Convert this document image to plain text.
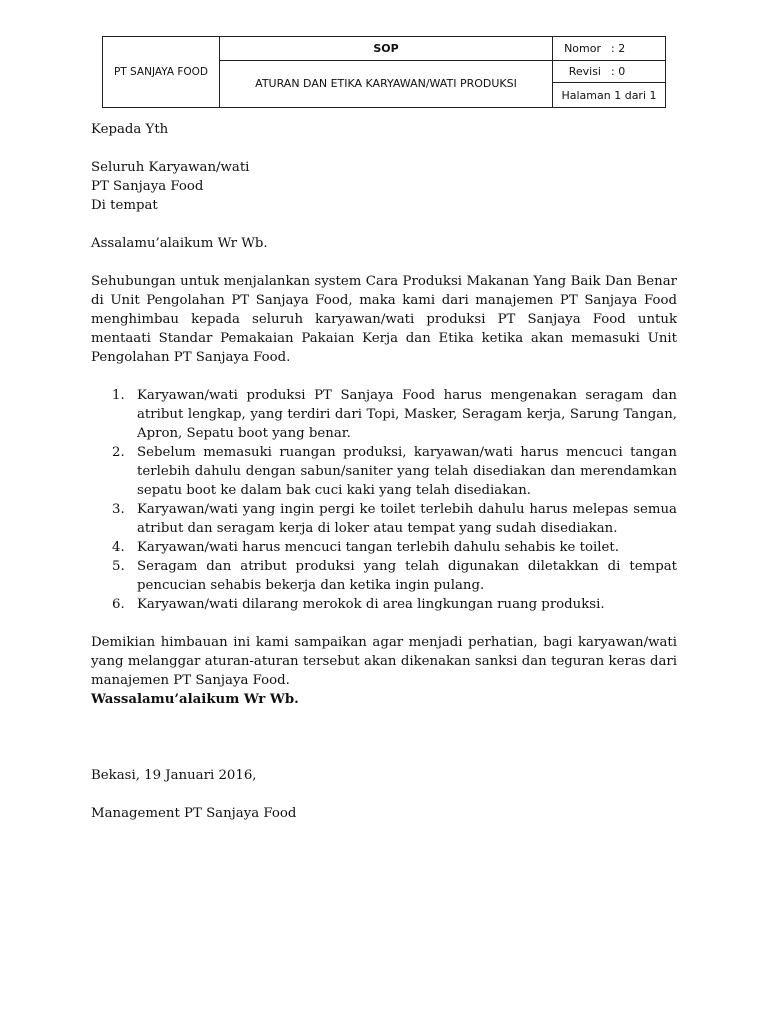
PT SANJAYA FOOD	SOP	Nomor : 2
	ATURAN DAN ETIKA KARYAWAN/WATI PRODUKSI	Revisi : 0
		Halaman 1 dari 1

Kepada Yth

Seluruh Karyawan/wati

PT Sanjaya Food

Di tempat

Assalamu’alaikum Wr Wb.

Sehubungan untuk menjalankan system Cara Produksi Makanan Yang Baik Dan Benar di Unit Pengolahan PT Sanjaya Food, maka kami dari manajemen PT Sanjaya Food menghimbau kepada seluruh karyawan/wati produksi PT Sanjaya Food untuk mentaati Standar Pemakaian Pakaian Kerja dan Etika ketika akan memasuki Unit Pengolahan PT Sanjaya Food.

1. Karyawan/wati produksi PT Sanjaya Food harus mengenakan seragam dan atribut lengkap, yang terdiri dari Topi, Masker, Seragam kerja, Sarung Tangan, Apron, Sepatu boot yang benar.
2. Sebelum memasuki ruangan produksi, karyawan/wati harus mencuci tangan terlebih dahulu dengan sabun/saniter yang telah disediakan dan merendamkan sepatu boot ke dalam bak cuci kaki yang telah disediakan.
3. Karyawan/wati yang ingin pergi ke toilet terlebih dahulu harus melepas semua atribut dan seragam kerja di loker atau tempat yang sudah disediakan.
4. Karyawan/wati harus mencuci tangan terlebih dahulu sehabis ke toilet.
5. Seragam dan atribut produksi yang telah digunakan diletakkan di tempat pencucian sehabis bekerja dan ketika ingin pulang.
6. Karyawan/wati dilarang merokok di area lingkungan ruang produksi.

Demikian himbauan ini kami sampaikan agar menjadi perhatian, bagi karyawan/wati yang melanggar aturan-aturan tersebut akan dikenakan sanksi dan teguran keras dari manajemen PT Sanjaya Food.

Wassalamu’alaikum Wr Wb.

Bekasi, 19 Januari 2016,

Management PT Sanjaya Food
